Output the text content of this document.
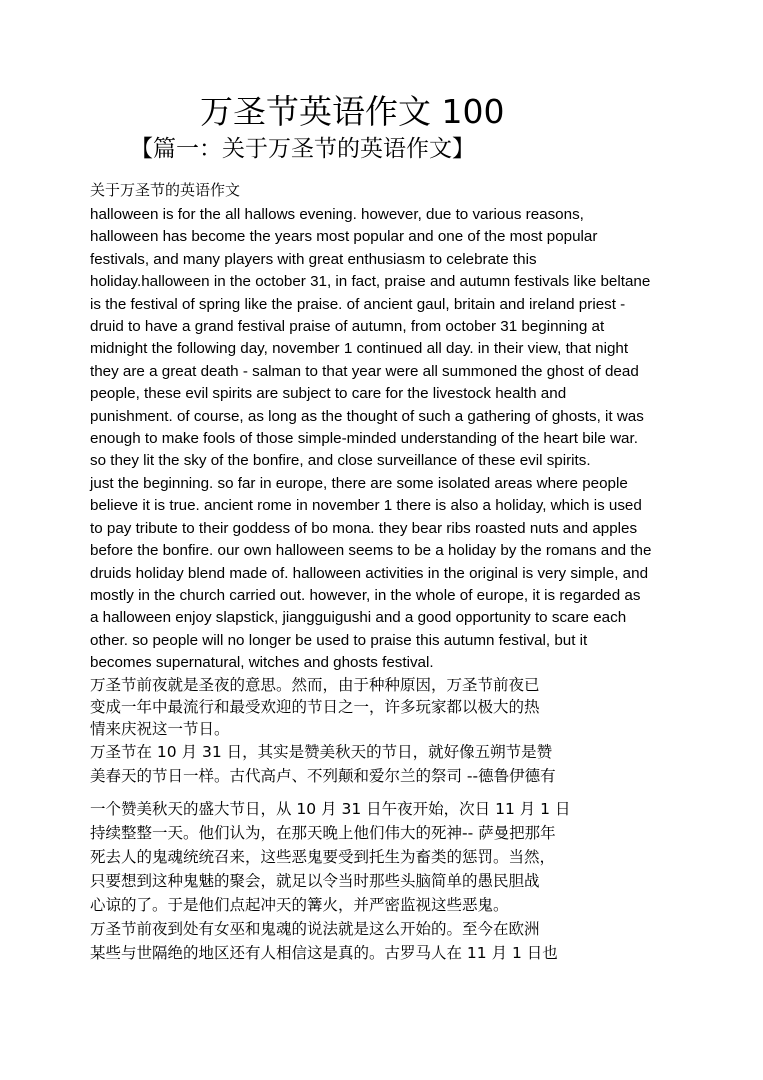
万圣节英语作文 100
【篇一：关于万圣节的英语作文】
关于万圣节的英语作文
halloween is for the all hallows evening. however, due to various reasons,
halloween has become the years most popular and one of the most popular
festivals, and many players with great enthusiasm to celebrate this
holiday.halloween in the october 31, in fact, praise and autumn festivals like beltane
is the festival of spring like the praise. of ancient gaul, britain and ireland priest -
druid to have a grand festival praise of autumn, from october 31 beginning at
midnight the following day, november 1 continued all day. in their view, that night
they are a great death - salman to that year were all summoned the ghost of dead
people, these evil spirits are subject to care for the livestock health and
punishment. of course, as long as the thought of such a gathering of ghosts, it was
enough to make fools of those simple-minded understanding of the heart bile war.
so they lit the sky of the bonfire, and close surveillance of these evil spirits.
just the beginning. so far in europe, there are some isolated areas where people
believe it is true. ancient rome in november 1 there is also a holiday, which is used
to pay tribute to their goddess of bo mona. they bear ribs roasted nuts and apples
before the bonfire. our own halloween seems to be a holiday by the romans and the
druids holiday blend made of. halloween activities in the original is very simple, and
mostly in the church carried out. however, in the whole of europe, it is regarded as
a halloween enjoy slapstick, jiangguigushi and a good opportunity to scare each
other. so people will no longer be used to praise this autumn festival, but it
becomes supernatural, witches and ghosts festival.
万圣节前夜就是圣夜的意思。然而，由于种种原因，万圣节前夜已
变成一年中最流行和最受欢迎的节日之一，许多玩家都以极大的热
情来庆祝这一节日。
万圣节在 10 月 31 日，其实是赞美秋天的节日，就好像五朔节是赞
美春天的节日一样。古代高卢、不列颠和爱尔兰的祭司 --德鲁伊德有
一个赞美秋天的盛大节日，从 10 月 31 日午夜开始，次日 11 月 1 日
持续整整一天。他们认为，在那天晚上他们伟大的死神-- 萨曼把那年
死去人的鬼魂统统召来，这些恶鬼要受到托生为畜类的惩罚。当然，
只要想到这种鬼魅的聚会，就足以令当时那些头脑简单的愚民胆战
心谅的了。于是他们点起冲天的篝火，并严密监视这些恶鬼。
万圣节前夜到处有女巫和鬼魂的说法就是这么开始的。至今在欧洲
某些与世隔绝的地区还有人相信这是真的。古罗马人在 11 月 1 日也
